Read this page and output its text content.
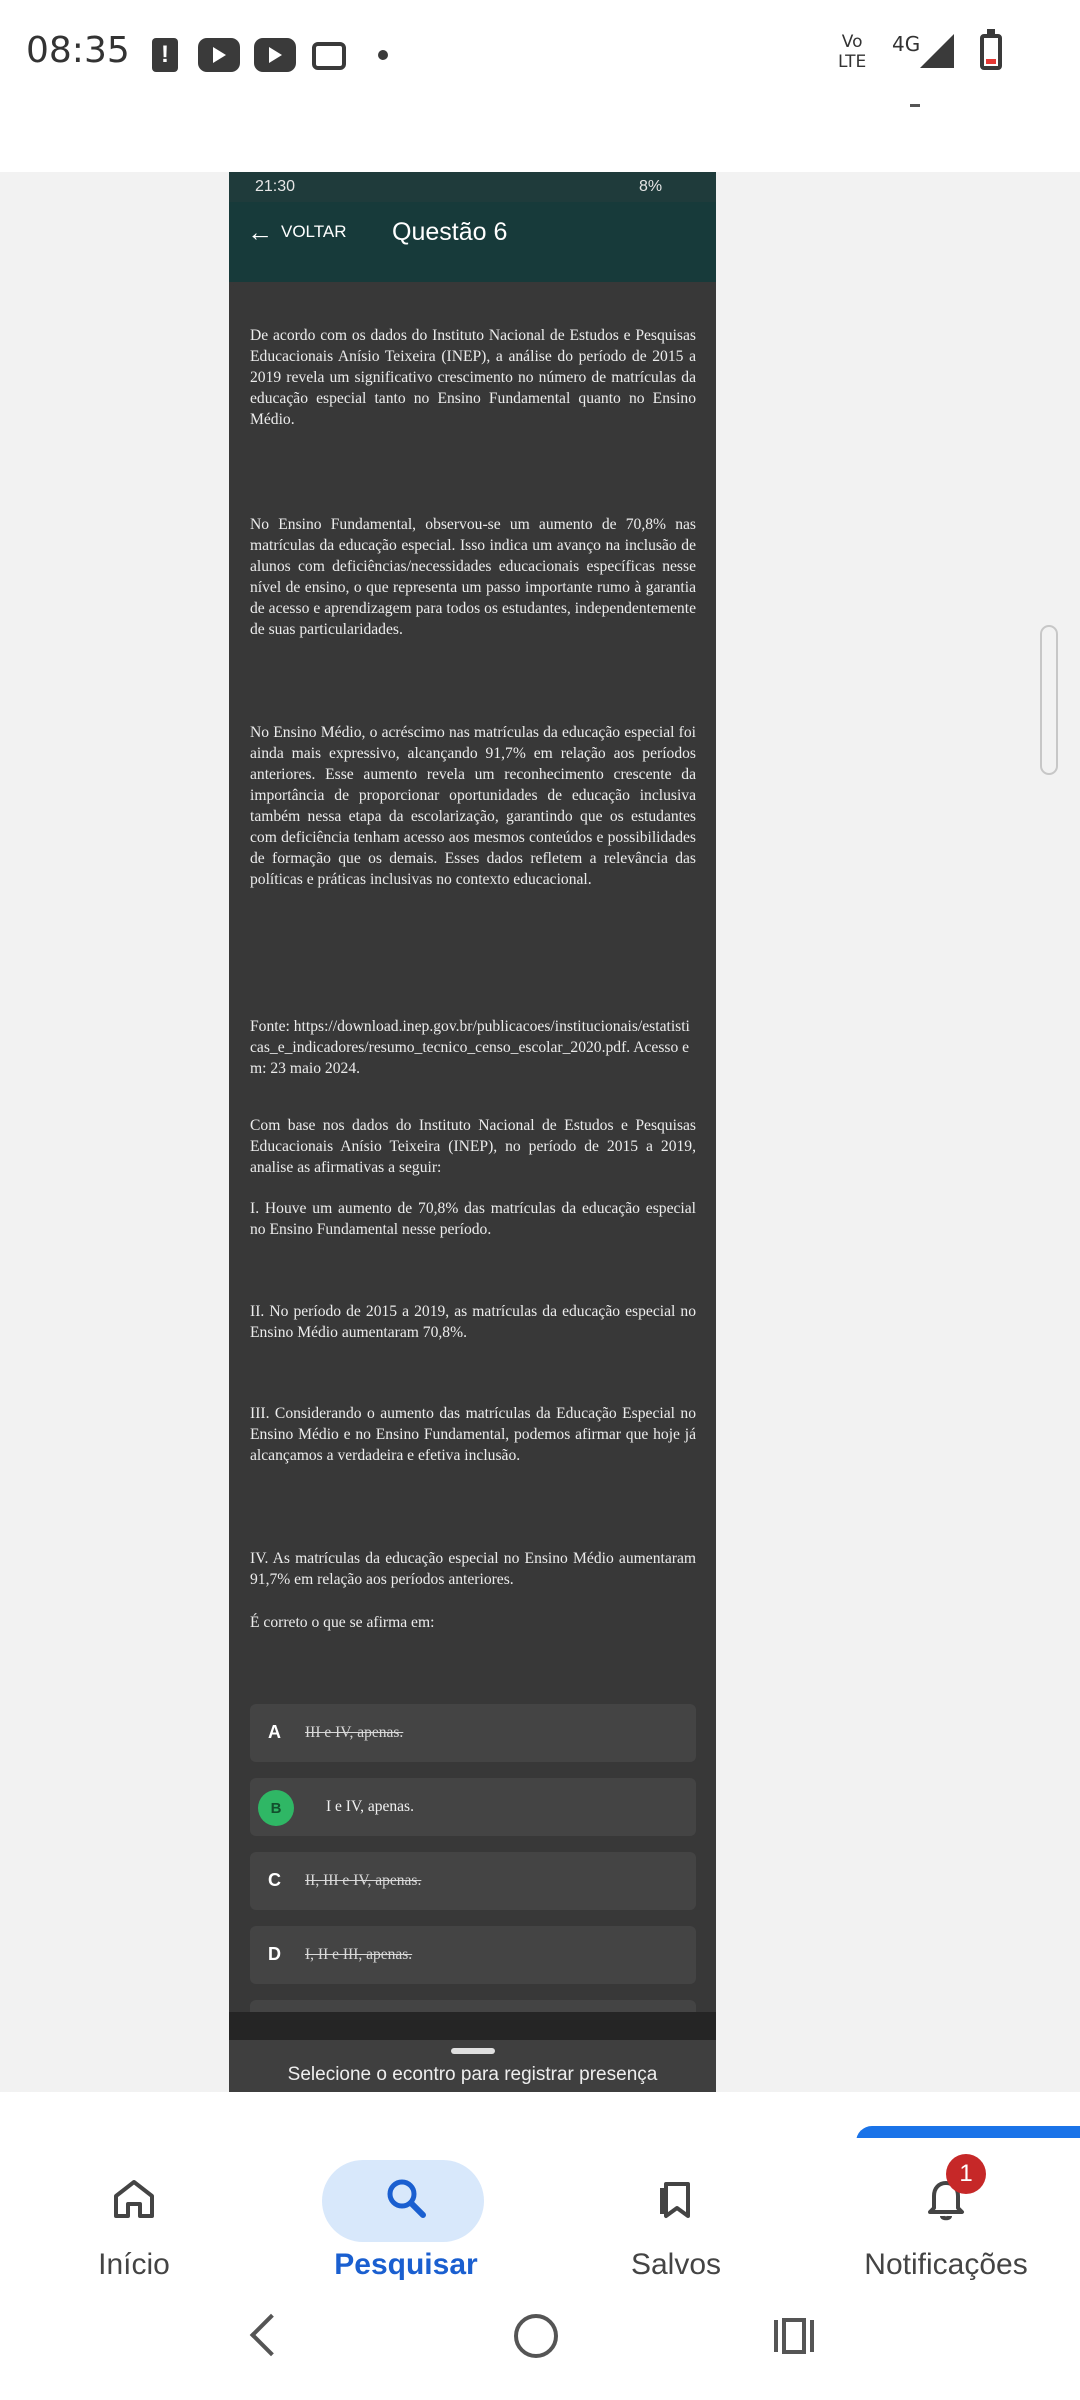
08:35	!	Vo
LTE
4G
21:30	8%
← VOLTAR Questão 6

De acordo com os dados do Instituto Nacional de Estudos e Pesquisas Educacionais Anísio Teixeira (INEP), a análise do período de 2015 a 2019 revela um significativo crescimento no número de matrículas da educação especial tanto no Ensino Fundamental quanto no Ensino Médio.

No Ensino Fundamental, observou-se um aumento de 70,8% nas matrículas da educação especial. Isso indica um avanço na inclusão de alunos com deficiências/necessidades educacionais específicas nesse nível de ensino, o que representa um passo importante rumo à garantia de acesso e aprendizagem para todos os estudantes, independentemente de suas particularidades.

No Ensino Médio, o acréscimo nas matrículas da educação especial foi ainda mais expressivo, alcançando 91,7% em relação aos períodos anteriores. Esse aumento revela um reconhecimento crescente da importância de proporcionar oportunidades de educação inclusiva também nessa etapa da escolarização, garantindo que os estudantes com deficiência tenham acesso aos mesmos conteúdos e possibilidades de formação que os demais. Esses dados refletem a relevância das políticas e práticas inclusivas no contexto educacional.

Fonte: https://download.inep.gov.br/publicacoes/institucionais/estatisticas_e_indicadores/resumo_tecnico_censo_escolar_2020.pdf. Acesso em: 23 maio 2024.

Com base nos dados do Instituto Nacional de Estudos e Pesquisas Educacionais Anísio Teixeira (INEP), no período de 2015 a 2019, analise as afirmativas a seguir:

I. Houve um aumento de 70,8% das matrículas da educação especial no Ensino Fundamental nesse período.

II. No período de 2015 a 2019, as matrículas da educação especial no Ensino Médio aumentaram 70,8%.

III. Considerando o aumento das matrículas da Educação Especial no Ensino Médio e no Ensino Fundamental, podemos afirmar que hoje já alcançamos a verdadeira e efetiva inclusão.

IV. As matrículas da educação especial no Ensino Médio aumentaram 91,7% em relação aos períodos anteriores.

É correto o que se afirma em:

A III e IV, apenas.
B	I e IV, apenas.
C II, III e IV, apenas.
D I, II e III, apenas.
Selecione o econtro para registrar presença
Início	Pesquisar	Salvos	Notificações
1
